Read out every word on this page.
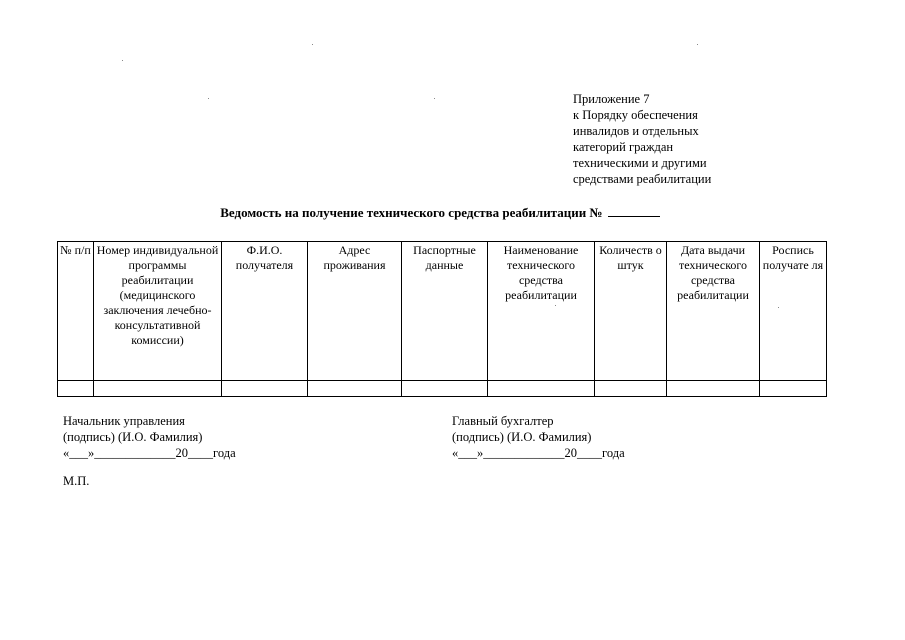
Приложение 7
к Порядку обеспечения
инвалидов и отдельных
категорий граждан
техническими и другими
средствами реабилитации
Ведомость на получение технического средства реабилитации №
№ п/п	Номер индивидуальной программы реабилитации (медицинского заключения лечебно-консультативной комиссии)	Ф.И.О. получателя	Адрес проживания	Паспортные данные	Наименование технического средства реабилитации	Количеств о штук	Дата выдачи технического средства реабилитации	Роспись получате ля

Начальник управления
(подпись) (И.О. Фамилия)
«___»_____________20____года
Главный бухгалтер
(подпись) (И.О. Фамилия)
«___»_____________20____года
М.П.
